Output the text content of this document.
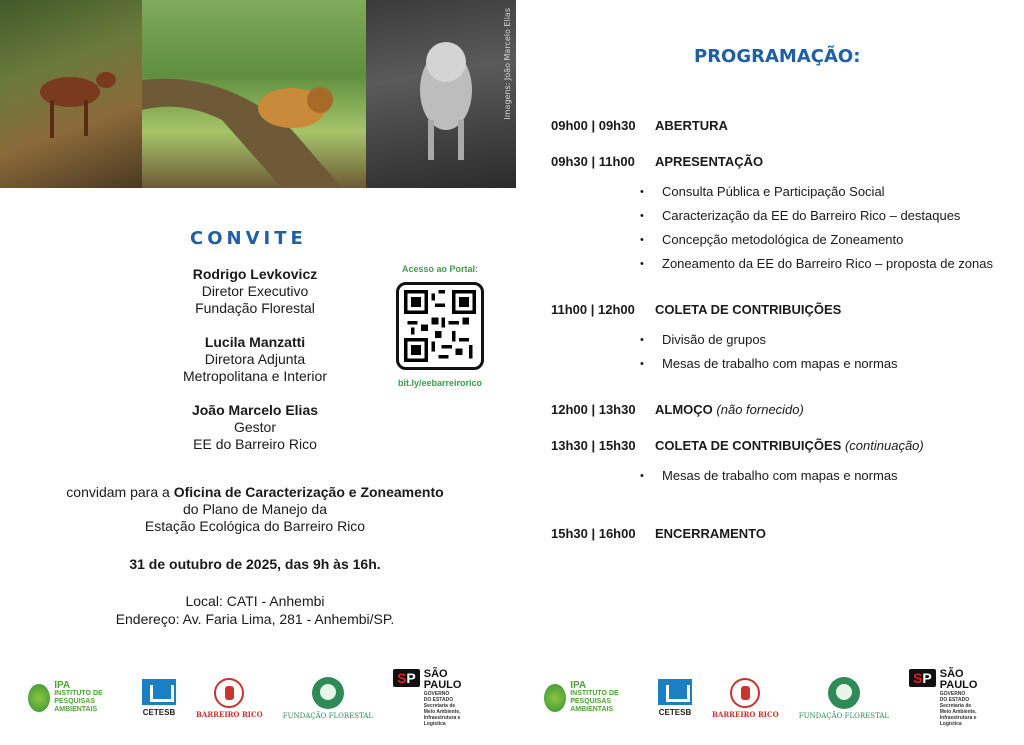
Imagens: João Marcelo Elias
CONVITE
Rodrigo Levkovicz
Diretor Executivo
Fundação Florestal
Lucila Manzatti
Diretora Adjunta
Metropolitana e Interior
João Marcelo Elias
Gestor
EE do Barreiro Rico
Acesso ao Portal:
bit.ly/eebarreirorico
convidam para a Oficina de Caracterização e Zoneamento
do Plano de Manejo da
Estação Ecológica do Barreiro Rico
31 de outubro de 2025, das 9h às 16h.
Local: CATI - Anhembi
Endereço: Av. Faria Lima, 281 - Anhembi/SP.
IPA
INSTITUTO DE
PESQUISAS AMBIENTAIS	CETESB	BARREIRO RICO	FUNDAÇÃO FLORESTAL
SP SÃO
PAULO
GOVERNO
DO ESTADO
Secretaria de
Meio Ambiente,
Infraestrutura e
Logística
PROGRAMAÇÃO:
09h00 | 09h30	ABERTURA
09h30 | 11h00	APRESENTAÇÃO
• Consulta Pública e Participação Social
• Caracterização da EE do Barreiro Rico – destaques
• Concepção metodológica de Zoneamento
• Zoneamento da EE do Barreiro Rico – proposta de zonas
11h00 | 12h00	COLETA DE CONTRIBUIÇÕES
• Divisão de grupos
• Mesas de trabalho com mapas e normas
12h00 | 13h30	ALMOÇO (não fornecido)
13h30 | 15h30	COLETA DE CONTRIBUIÇÕES (continuação)
• Mesas de trabalho com mapas e normas
15h30 | 16h00	ENCERRAMENTO
IPA
INSTITUTO DE
PESQUISAS AMBIENTAIS	CETESB	BARREIRO RICO	FUNDAÇÃO FLORESTAL
SP SÃO
PAULO
GOVERNO
DO ESTADO
Secretaria de
Meio Ambiente,
Infraestrutura e
Logística
